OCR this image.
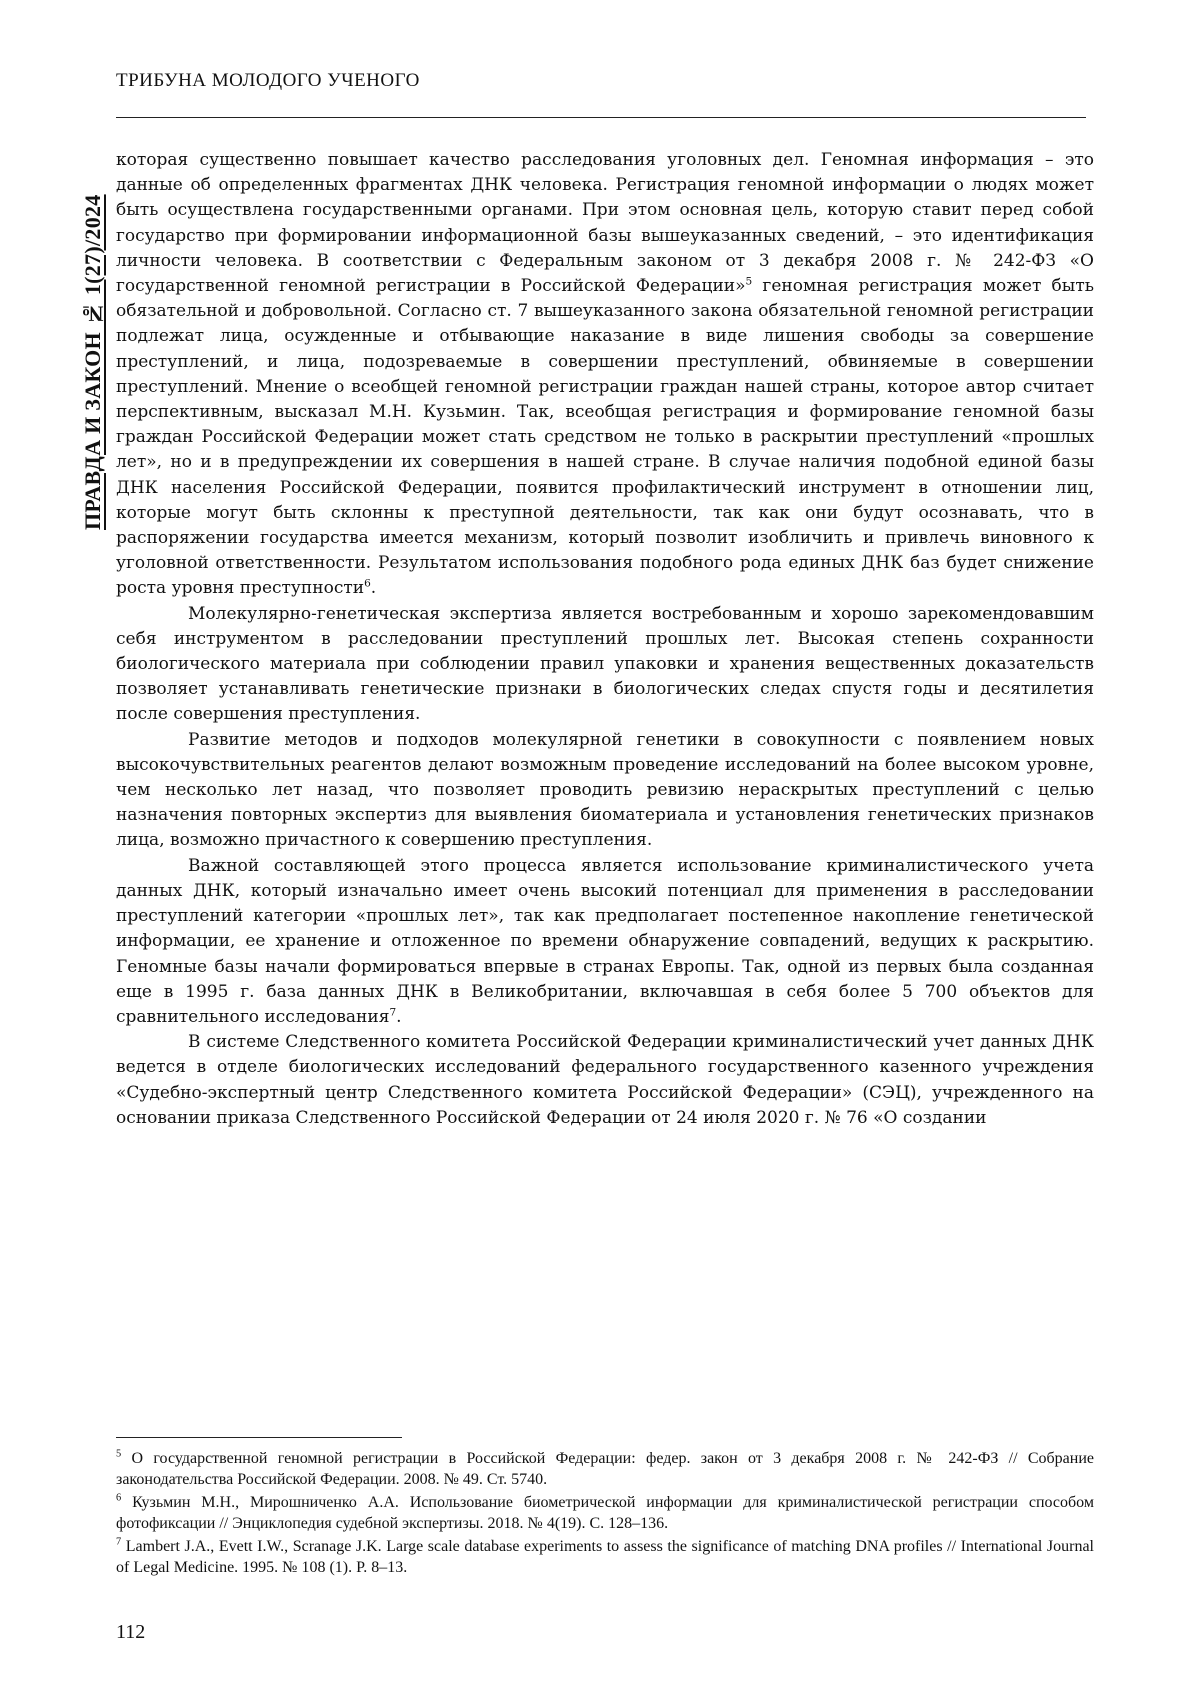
ТРИБУНА МОЛОДОГО УЧЕНОГО
ПРАВДА И ЗАКОН № 1(27)/2024

которая существенно повышает качество расследования уголовных дел. Геномная информация – это данные об определенных фрагментах ДНК человека. Регистрация геномной информации о людях может быть осуществлена государственными органами. При этом основная цель, которую ставит перед собой государство при формировании информационной базы вышеуказанных сведений, – это идентификация личности человека. В соответствии с Федеральным законом от 3 декабря 2008 г. № 242-ФЗ «О государственной геномной регистрации в Российской Федерации»$^5$ геномная регистрация может быть обязательной и добровольной. Согласно ст. 7 вышеуказанного закона обязательной геномной регистрации подлежат лица, осужденные и отбывающие наказание в виде лишения свободы за совершение преступлений, и лица, подозреваемые в совершении преступлений, обвиняемые в совершении преступлений. Мнение о всеобщей геномной регистрации граждан нашей страны, которое автор считает перспективным, высказал М.Н. Кузьмин. Так, всеобщая регистрация и формирование геномной базы граждан Российской Федерации может стать средством не только в раскрытии преступлений «прошлых лет», но и в предупреждении их совершения в нашей стране. В случае наличия подобной единой базы ДНК населения Российской Федерации, появится профилактический инструмент в отношении лиц, которые могут быть склонны к преступной деятельности, так как они будут осознавать, что в распоряжении государства имеется механизм, который позволит изобличить и привлечь виновного к уголовной ответственности. Результатом использования подобного рода единых ДНК баз будет снижение роста уровня преступности$^6$.

Молекулярно-генетическая экспертиза является востребованным и хорошо зарекомендовавшим себя инструментом в расследовании преступлений прошлых лет. Высокая степень сохранности биологического материала при соблюдении правил упаковки и хранения вещественных доказательств позволяет устанавливать генетические признаки в биологических следах спустя годы и десятилетия после совершения преступления.

Развитие методов и подходов молекулярной генетики в совокупности с появлением новых высокочувствительных реагентов делают возможным проведение исследований на более высоком уровне, чем несколько лет назад, что позволяет проводить ревизию нераскрытых преступлений с целью назначения повторных экспертиз для выявления биоматериала и установления генетических признаков лица, возможно причастного к совершению преступления.

Важной составляющей этого процесса является использование криминалистического учета данных ДНК, который изначально имеет очень высокий потенциал для применения в расследовании преступлений категории «прошлых лет», так как предполагает постепенное накопление генетической информации, ее хранение и отложенное по времени обнаружение совпадений, ведущих к раскрытию. Геномные базы начали формироваться впервые в странах Европы. Так, одной из первых была созданная еще в 1995 г. база данных ДНК в Великобритании, включавшая в себя более 5 700 объектов для сравнительного исследования$^7$.

В системе Следственного комитета Российской Федерации криминалистический учет данных ДНК ведется в отделе биологических исследований федерального государственного казенного учреждения «Судебно-экспертный центр Следственного комитета Российской Федерации» (СЭЦ), учрежденного на основании приказа Следственного Российской Федерации от 24 июля 2020 г. № 76 «О создании

$^5$ О государственной геномной регистрации в Российской Федерации: федер. закон от 3 декабря 2008 г. № 242-ФЗ // Собрание законодательства Российской Федерации. 2008. № 49. Ст. 5740.

$^6$ Кузьмин М.Н., Мирошниченко А.А. Использование биометрической информации для криминалистической регистрации способом фотофиксации // Энциклопедия судебной экспертизы. 2018. № 4(19). С. 128–136.

$^7$ Lambert J.A., Evett I.W., Scranage J.K. Large scale database experiments to assess the significance of matching DNA profiles // International Journal of Legal Medicine. 1995. № 108 (1). P. 8–13.

112
